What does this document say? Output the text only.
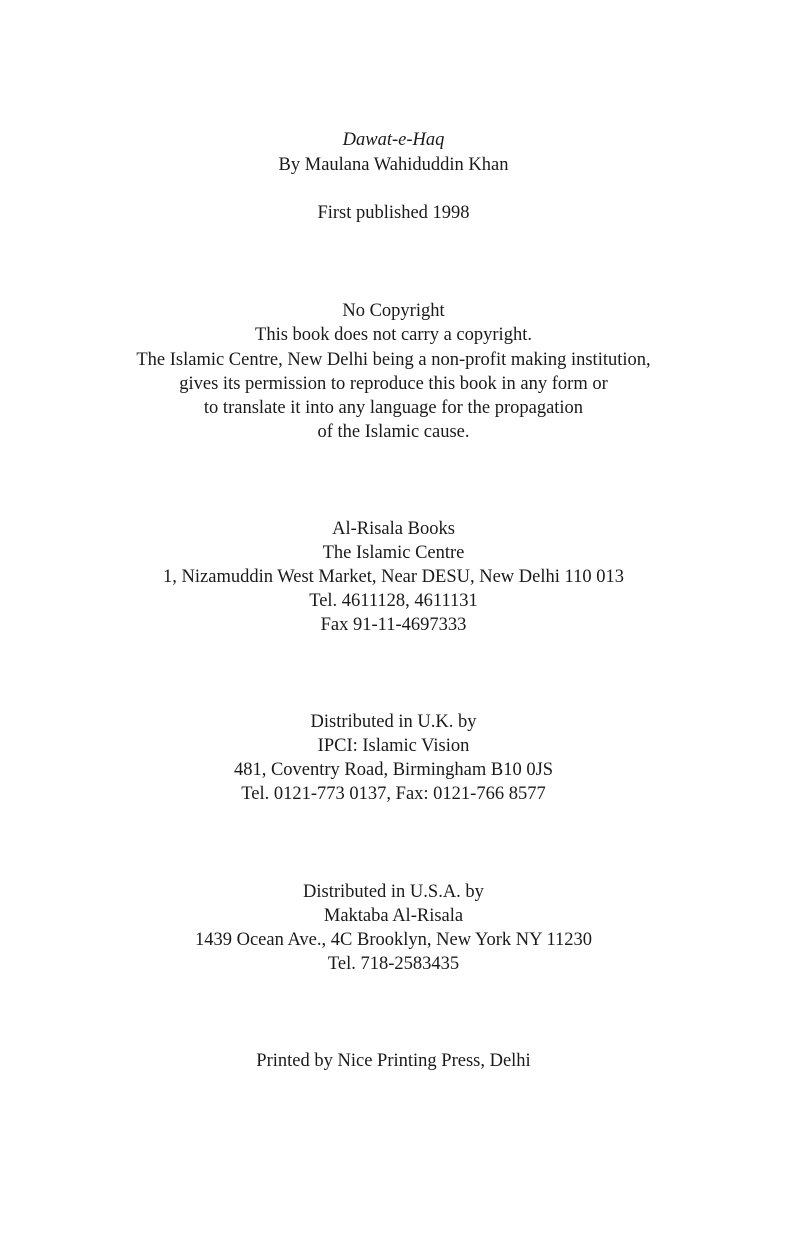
Dawat-e-Haq
By Maulana Wahiduddin Khan
First published 1998
No Copyright
This book does not carry a copyright.
The Islamic Centre, New Delhi being a non-profit making institution,
gives its permission to reproduce this book in any form or
to translate it into any language for the propagation
of the Islamic cause.
Al-Risala Books
The Islamic Centre
1, Nizamuddin West Market, Near DESU, New Delhi 110 013
Tel. 4611128, 4611131
Fax 91-11-4697333
Distributed in U.K. by
IPCI: Islamic Vision
481, Coventry Road, Birmingham B10 0JS
Tel. 0121-773 0137, Fax: 0121-766 8577
Distributed in U.S.A. by
Maktaba Al-Risala
1439 Ocean Ave., 4C Brooklyn, New York NY 11230
Tel. 718-2583435
Printed by Nice Printing Press, Delhi
